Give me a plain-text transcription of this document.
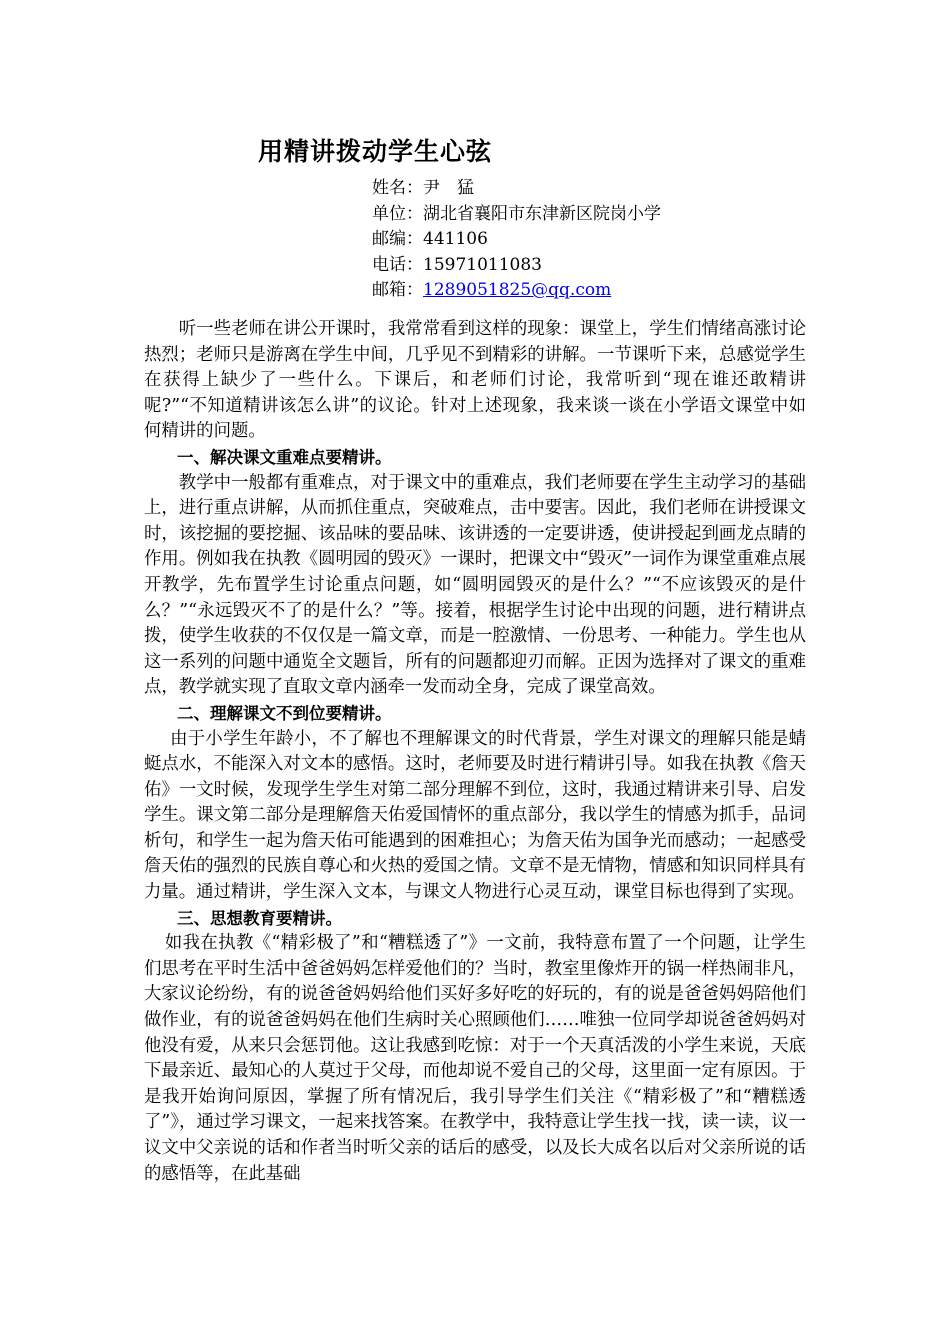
用精讲拨动学生心弦
姓名：尹　猛
单位：湖北省襄阳市东津新区院岗小学
邮编：441106
电话：15971011083
邮箱：1289051825@qq.com

听一些老师在讲公开课时，我常常看到这样的现象：课堂上，学生们情绪高涨讨论热烈；老师只是游离在学生中间，几乎见不到精彩的讲解。一节课听下来，总感觉学生在获得上缺少了一些什么。下课后，和老师们讨论，我常听到“现在谁还敢精讲呢?”“不知道精讲该怎么讲”的议论。针对上述现象，我来谈一谈在小学语文课堂中如何精讲的问题。

一、解决课文重难点要精讲。

教学中一般都有重难点，对于课文中的重难点，我们老师要在学生主动学习的基础上，进行重点讲解，从而抓住重点，突破难点，击中要害。因此，我们老师在讲授课文时，该挖掘的要挖掘、该品味的要品味、该讲透的一定要讲透，使讲授起到画龙点睛的作用。例如我在执教《圆明园的毁灭》一课时，把课文中“毁灭”一词作为课堂重难点展开教学，先布置学生讨论重点问题，如“圆明园毁灭的是什么？”“不应该毁灭的是什么？”“永远毁灭不了的是什么？”等。接着，根据学生讨论中出现的问题，进行精讲点拨，使学生收获的不仅仅是一篇文章，而是一腔激情、一份思考、一种能力。学生也从这一系列的问题中通览全文题旨，所有的问题都迎刃而解。正因为选择对了课文的重难点，教学就实现了直取文章内涵牵一发而动全身，完成了课堂高效。

二、理解课文不到位要精讲。

由于小学生年龄小，不了解也不理解课文的时代背景，学生对课文的理解只能是蜻蜓点水，不能深入对文本的感悟。这时，老师要及时进行精讲引导。如我在执教《詹天佑》一文时候，发现学生学生对第二部分理解不到位，这时，我通过精讲来引导、启发学生。课文第二部分是理解詹天佑爱国情怀的重点部分，我以学生的情感为抓手，品词析句，和学生一起为詹天佑可能遇到的困难担心；为詹天佑为国争光而感动；一起感受詹天佑的强烈的民族自尊心和火热的爱国之情。文章不是无情物，情感和知识同样具有力量。通过精讲，学生深入文本，与课文人物进行心灵互动，课堂目标也得到了实现。

三、思想教育要精讲。

如我在执教《“精彩极了”和“糟糕透了”》一文前，我特意布置了一个问题，让学生们思考在平时生活中爸爸妈妈怎样爱他们的？当时，教室里像炸开的锅一样热闹非凡，大家议论纷纷，有的说爸爸妈妈给他们买好多好吃的好玩的，有的说是爸爸妈妈陪他们做作业，有的说爸爸妈妈在他们生病时关心照顾他们……唯独一位同学却说爸爸妈妈对他没有爱，从来只会惩罚他。这让我感到吃惊：对于一个天真活泼的小学生来说，天底下最亲近、最知心的人莫过于父母，而他却说不爱自己的父母，这里面一定有原因。于是我开始询问原因，掌握了所有情况后，我引导学生们关注《“精彩极了”和“糟糕透了”》，通过学习课文，一起来找答案。在教学中，我特意让学生找一找，读一读，议一议文中父亲说的话和作者当时听父亲的话后的感受，以及长大成名以后对父亲所说的话的感悟等，在此基础
